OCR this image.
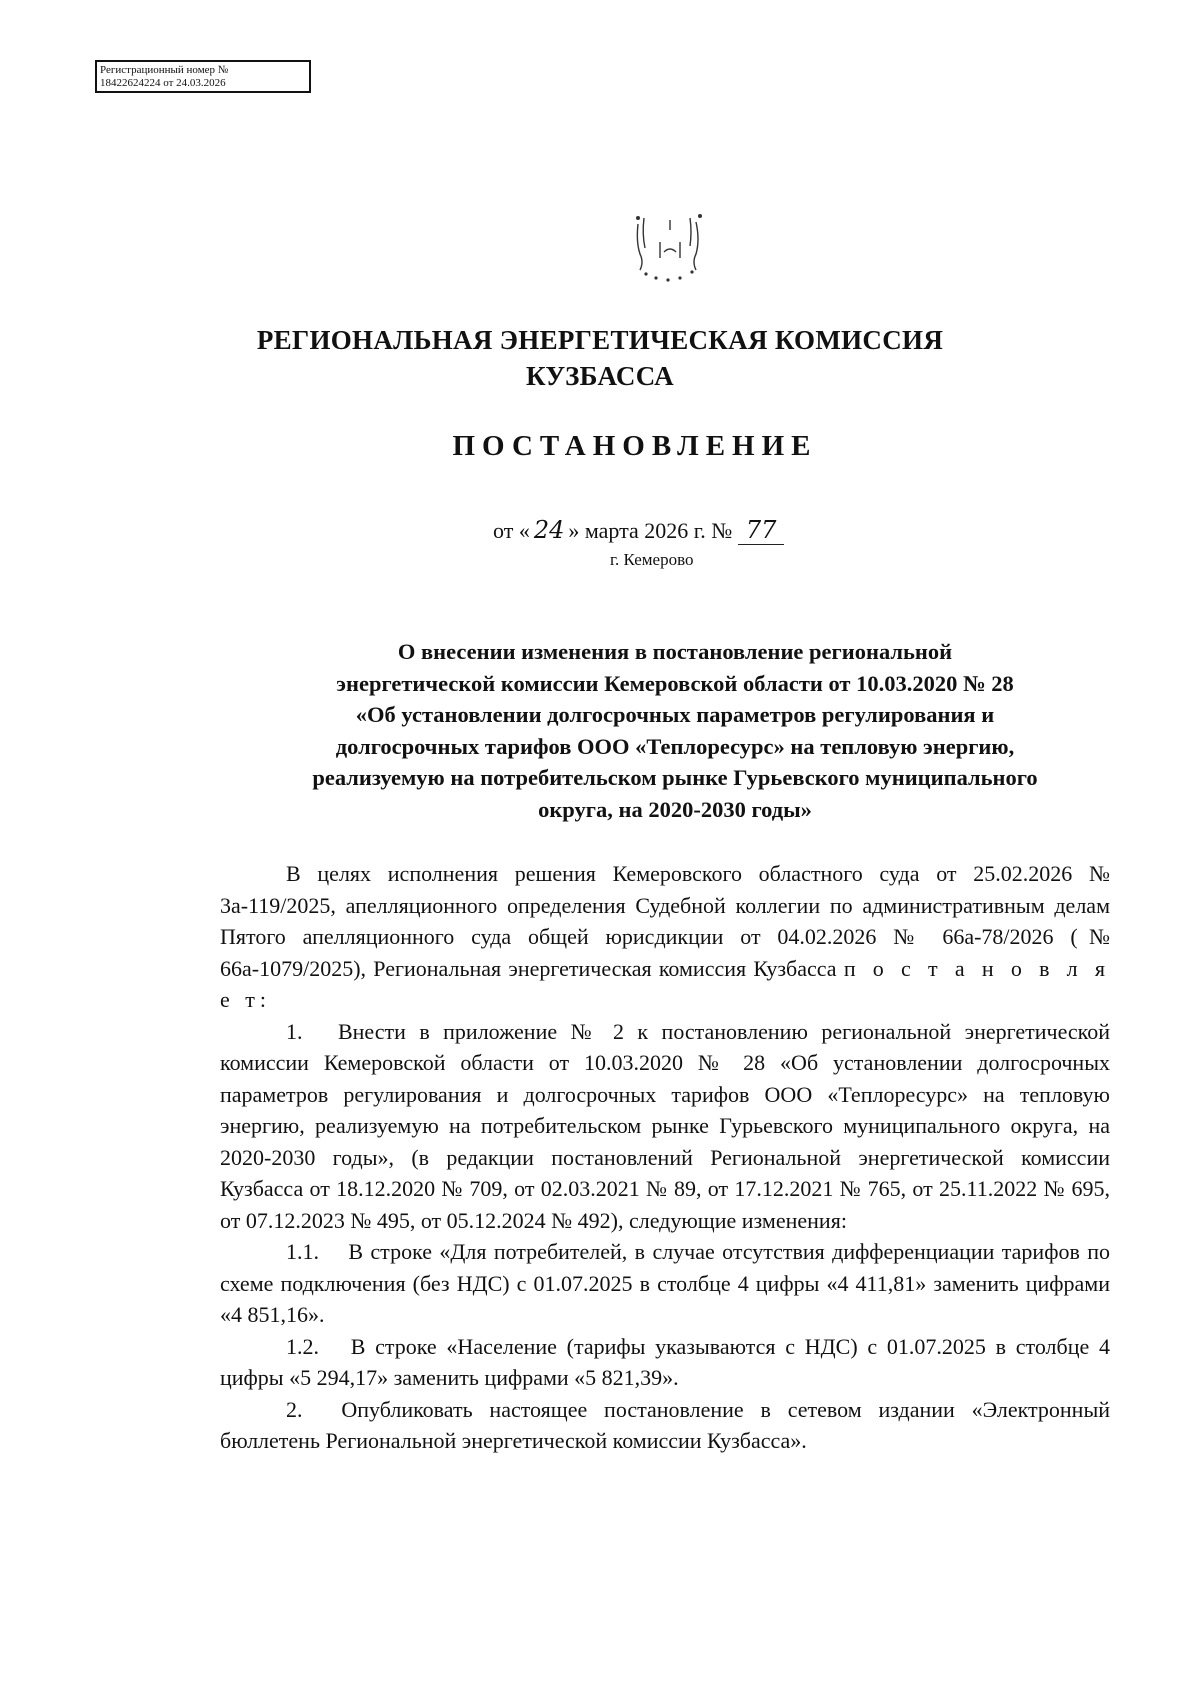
Регистрационный номер №
18422624224 от 24.03.2026
РЕГИОНАЛЬНАЯ ЭНЕРГЕТИЧЕСКАЯ КОМИССИЯ
КУЗБАССА
ПОСТАНОВЛЕНИЕ
от « 24 » марта 2026 г. № 77
г. Кемерово
О внесении изменения в постановление региональной
энергетической комиссии Кемеровской области от 10.03.2020 № 28
«Об установлении долгосрочных параметров регулирования и
долгосрочных тарифов ООО «Теплоресурс» на тепловую энергию,
реализуемую на потребительском рынке Гурьевского муниципального
округа, на 2020-2030 годы»

В целях исполнения решения Кемеровского областного суда от 25.02.2026 № 3а-119/2025, апелляционного определения Судебной коллегии по административным делам Пятого апелляционного суда общей юрисдикции от 04.02.2026 № 66а-78/2026 (№ 66а-1079/2025), Региональная энергетическая комиссия Кузбасса п о с т а н о в л я е т:

1.  Внести в приложение № 2 к постановлению региональной энергетической комиссии Кемеровской области от 10.03.2020 № 28 «Об установлении долгосрочных параметров регулирования и долгосрочных тарифов ООО «Теплоресурс» на тепловую энергию, реализуемую на потребительском рынке Гурьевского муниципального округа, на 2020-2030 годы», (в редакции постановлений Региональной энергетической комиссии Кузбасса от 18.12.2020 № 709, от 02.03.2021 № 89, от 17.12.2021 № 765, от 25.11.2022 № 695, от 07.12.2023 № 495, от 05.12.2024 № 492), следующие изменения:

1.1.  В строке «Для потребителей, в случае отсутствия дифференциации тарифов по схеме подключения (без НДС) с 01.07.2025 в столбце 4 цифры «4 411,81» заменить цифрами «4 851,16».

1.2.  В строке «Население (тарифы указываются с НДС) с 01.07.2025 в столбце 4 цифры «5 294,17» заменить цифрами «5 821,39».

2.  Опубликовать настоящее постановление в сетевом издании «Электронный бюллетень Региональной энергетической комиссии Кузбасса».
